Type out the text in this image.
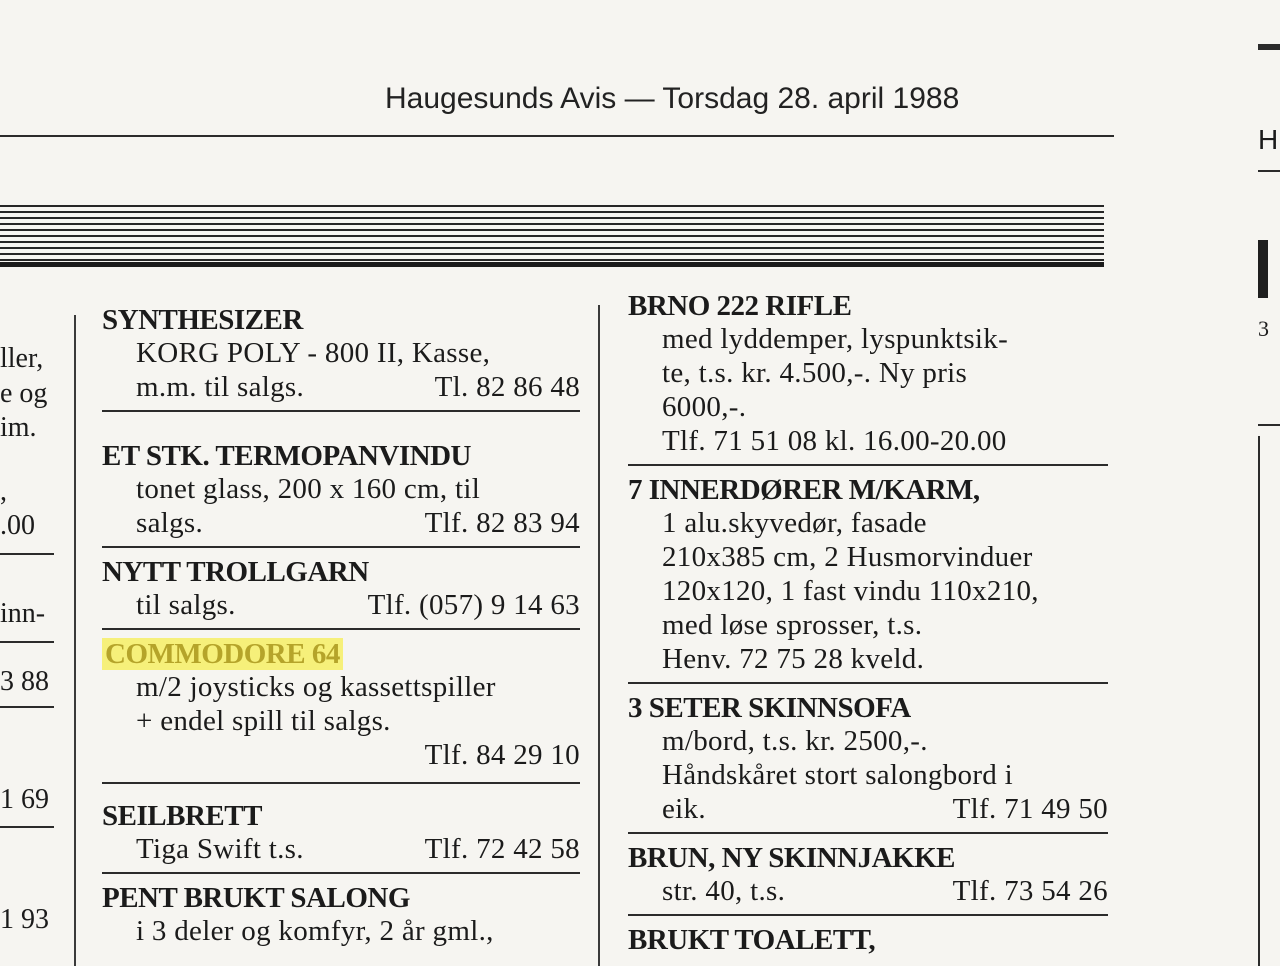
Haugesunds Avis — Torsdag 28. april 1988
ller,
e og
im.
,
.00
inn-
3 88
1 69
1 93
H
3
SYNTHESIZER
KORG POLY - 800 II, Kasse,
m.m. til salgs.	Tl. 82 86 48
ET STK. TERMOPANVINDU
tonet glass, 200 x 160 cm, til
salgs.	Tlf. 82 83 94
NYTT TROLLGARN
til salgs.	Tlf. (057) 9 14 63
COMMODORE 64
m/2 joysticks og kassettspiller
+ endel spill til salgs.
Tlf. 84 29 10
SEILBRETT
Tiga Swift t.s.	Tlf. 72 42 58
PENT BRUKT SALONG
i 3 deler og komfyr, 2 år gml.,
BRNO 222 RIFLE
med lyddemper, lyspunktsik-
te, t.s. kr. 4.500,-. Ny pris
6000,-.
Tlf. 71 51 08 kl. 16.00-20.00
7 INNERDØRER M/KARM,
1 alu.skyvedør, fasade
210x385 cm, 2 Husmorvinduer
120x120, 1 fast vindu 110x210,
med løse sprosser, t.s.
Henv. 72 75 28 kveld.
3 SETER SKINNSOFA
m/bord, t.s. kr. 2500,-.
Håndskåret stort salongbord i
eik.	Tlf. 71 49 50
BRUN, NY SKINNJAKKE
str. 40, t.s.	Tlf. 73 54 26
BRUKT TOALETT,
